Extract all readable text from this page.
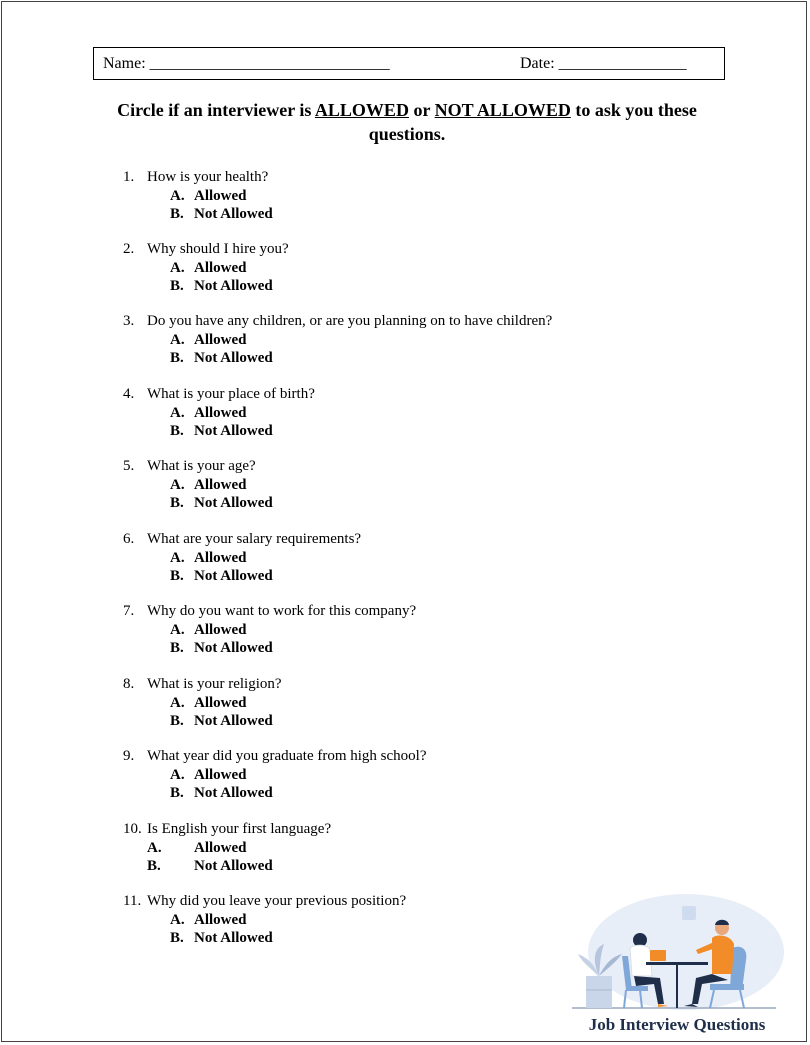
Name: ______________________________	Date: ________________
Circle if an interviewer is ALLOWED or NOT ALLOWED to ask you these
questions.
1. How is your health?
A. Allowed
B. Not Allowed
2. Why should I hire you?
A. Allowed
B. Not Allowed
3. Do you have any children, or are you planning on to have children?
A. Allowed
B. Not Allowed
4. What is your place of birth?
A. Allowed
B. Not Allowed
5. What is your age?
A. Allowed
B. Not Allowed
6. What are your salary requirements?
A. Allowed
B. Not Allowed
7. Why do you want to work for this company?
A. Allowed
B. Not Allowed
8. What is your religion?
A. Allowed
B. Not Allowed
9. What year did you graduate from high school?
A. Allowed
B. Not Allowed
10. Is English your first language?
A. Allowed
B. Not Allowed
11. Why did you leave your previous position?
A. Allowed
B. Not Allowed
Job Interview Questions
